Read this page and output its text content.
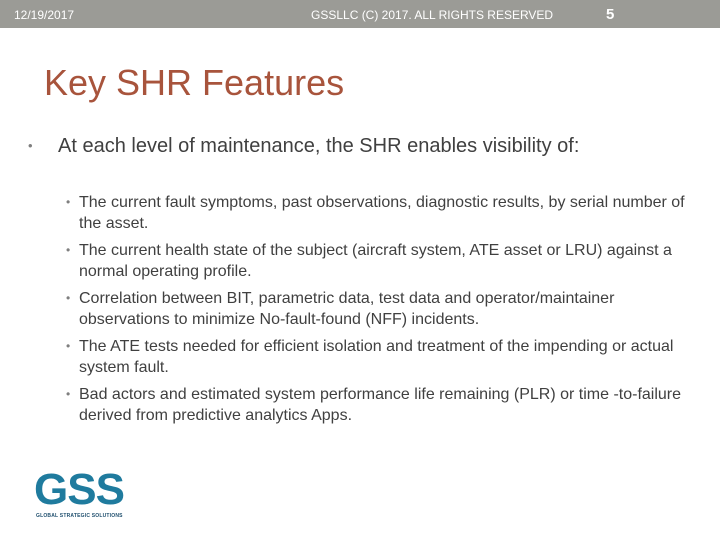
12/19/2017	GSSLLC (C) 2017. ALL RIGHTS RESERVED	5
Key SHR Features
•	At each level of maintenance, the SHR enables visibility of:
• The current fault symptoms, past observations, diagnostic results, by serial number of the asset.
• The current health state of the subject (aircraft system, ATE asset or LRU) against a normal operating profile.
• Correlation between BIT, parametric data, test data and operator/maintainer observations to minimize No-fault-found (NFF) incidents.
• The ATE tests needed for efficient isolation and treatment of the impending or actual system fault.
• Bad actors and estimated system performance life remaining (PLR) or time -to-failure derived from predictive analytics Apps.
GSS
GLOBAL STRATEGIC SOLUTIONS
